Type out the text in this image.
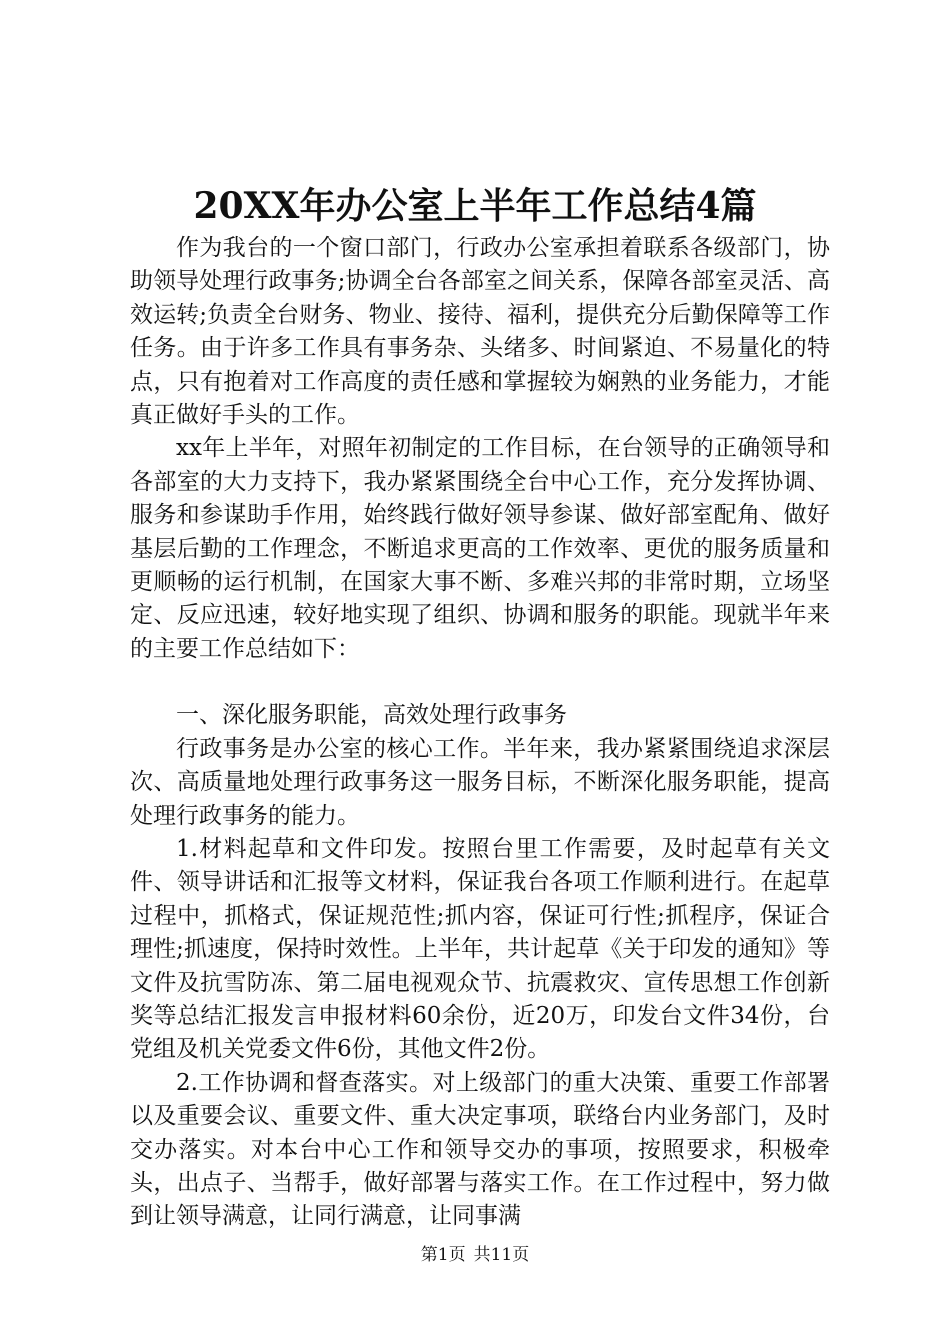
20XX年办公室上半年工作总结4篇

作为我台的一个窗口部门，行政办公室承担着联系各级部门，协助领导处理行政事务;协调全台各部室之间关系，保障各部室灵活、高效运转;负责全台财务、物业、接待、福利，提供充分后勤保障等工作任务。由于许多工作具有事务杂、头绪多、时间紧迫、不易量化的特点，只有抱着对工作高度的责任感和掌握较为娴熟的业务能力，才能真正做好手头的工作。

xx年上半年，对照年初制定的工作目标，在台领导的正确领导和各部室的大力支持下，我办紧紧围绕全台中心工作，充分发挥协调、服务和参谋助手作用，始终践行做好领导参谋、做好部室配角、做好基层后勤的工作理念，不断追求更高的工作效率、更优的服务质量和更顺畅的运行机制，在国家大事不断、多难兴邦的非常时期，立场坚定、反应迅速，较好地实现了组织、协调和服务的职能。现就半年来的主要工作总结如下：

一、深化服务职能，高效处理行政事务

行政事务是办公室的核心工作。半年来，我办紧紧围绕追求深层次、高质量地处理行政事务这一服务目标，不断深化服务职能，提高处理行政事务的能力。

1.材料起草和文件印发。按照台里工作需要，及时起草有关文件、领导讲话和汇报等文材料，保证我台各项工作顺利进行。在起草过程中，抓格式，保证规范性;抓内容，保证可行性;抓程序，保证合理性;抓速度，保持时效性。上半年，共计起草《关于印发的通知》等文件及抗雪防冻、第二届电视观众节、抗震救灾、宣传思想工作创新奖等总结汇报发言申报材料60余份，近20万，印发台文件34份，台党组及机关党委文件6份，其他文件2份。

2.工作协调和督查落实。对上级部门的重大决策、重要工作部署以及重要会议、重要文件、重大决定事项，联络台内业务部门，及时交办落实。对本台中心工作和领导交办的事项，按照要求，积极牵头，出点子、当帮手，做好部署与落实工作。在工作过程中，努力做到让领导满意，让同行满意，让同事满

第1页 共11页
